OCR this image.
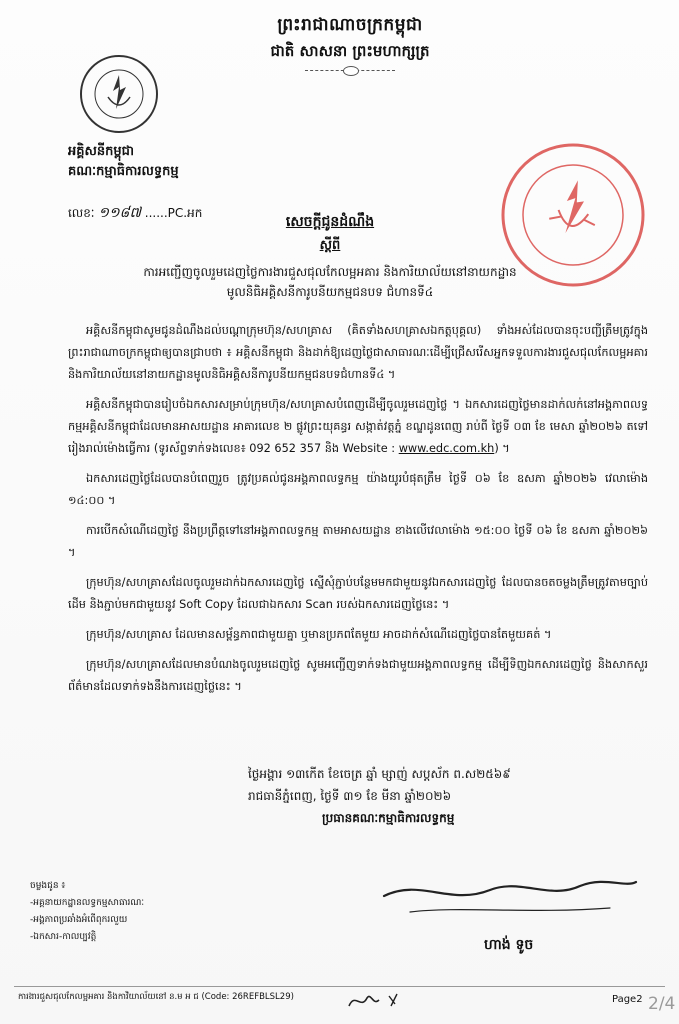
ព្រះរាជាណាចក្រកម្ពុជា
ជាតិ សាសនា ព្រះមហាក្សត្រ
អគ្គិសនីកម្ពុជា
គណៈកម្មាធិការលទ្ធកម្ម
លេខៈ ១១៨៧ ......PC.អក
សេចក្តីជូនដំណឹង
ស្តីពី
ការអញ្ជើញចូលរួមដេញថ្លៃការងារជួសជុលកែលម្អអគារ និងការិយាល័យនៅនាយកដ្ឋាន
មូលនិធិអគ្គិសនីការូបនីយកម្មជនបទ ជំហានទី៤

អគ្គិសនីកម្ពុជាសូមជូនដំណឹងដល់បណ្តាក្រុមហ៊ុន/សហគ្រាស (គិតទាំងសហគ្រាសឯកត្តបុគ្គល) ទាំងអស់ដែលបានចុះបញ្ជីត្រឹមត្រូវក្នុងព្រះរាជាណាចក្រកម្ពុជាឲ្យបានជ្រាបថា ៖ អគ្គិសនីកម្ពុជា និងដាក់ឱ្យដេញថ្លៃជាសាធារណៈដើម្បីជ្រើសរើសអ្នកទទួលការងារជួសជុលកែលម្អអគារ និងការិយាល័យនៅនាយកដ្ឋានមូលនិធិអគ្គិសនីការូបនីយកម្មជនបទជំហានទី៤ ។

អគ្គិសនីកម្ពុជាបានរៀបចំឯកសារសម្រាប់ក្រុមហ៊ុន/សហគ្រាសបំពេញដើម្បីចូលរួមដេញថ្លៃ ។ ឯកសារដេញថ្លៃមានដាក់លក់នៅអង្គភាពលទ្ធកម្មអគ្គិសនីកម្ពុជាដែលមានអាសយដ្ឋាន អាគារលេខ ២ ផ្លូវព្រះយុគន្ធរ សង្កាត់វត្តភ្នំ ខណ្ឌដូនពេញ រាប់ពី ថ្ងៃទី ០៣ ខែ មេសា ឆ្នាំ២០២៦ តទៅរៀងរាល់ម៉ោងធ្វើការ (ទូរស័ព្ទទាក់ទងលេខ៖ 092 652 357 និង Website : www.edc.com.kh) ។

ឯកសារដេញថ្លៃដែលបានបំពេញរួច ត្រូវប្រគល់ជូនអង្គភាពលទ្ធកម្ម យ៉ាងយូរបំផុតត្រឹម ថ្ងៃទី ០៦ ខែ ឧសភា ឆ្នាំ២០២៦ វេលាម៉ោង ១៤:០០ ។

ការបើកសំណើដេញថ្លៃ នឹងប្រព្រឹត្តទៅនៅអង្គភាពលទ្ធកម្ម តាមអាសយដ្ឋាន ខាងលើវេលាម៉ោង ១៥:០០ ថ្ងៃទី ០៦ ខែ ឧសភា ឆ្នាំ២០២៦ ។

ក្រុមហ៊ុន/សហគ្រាសដែលចូលរួមដាក់ឯកសារដេញថ្លៃ ស្នើសុំភ្ជាប់បន្ថែមមកជាមួយនូវឯកសារដេញថ្លៃ ដែលបានចតចម្លងត្រឹមត្រូវតាមច្បាប់ដើម និងភ្ជាប់មកជាមួយនូវ Soft Copy ដែលជាឯកសារ Scan របស់ឯកសារដេញថ្លៃនេះ ។

ក្រុមហ៊ុន/សហគ្រាស ដែលមានសម្ព័ន្ធភាពជាមួយគ្នា ឬមានប្រភពតែមួយ អាចដាក់សំណើដេញថ្លៃបានតែមួយគត់ ។

ក្រុមហ៊ុន/សហគ្រាសដែលមានបំណងចូលរួមដេញថ្លៃ សូមអញ្ជើញទាក់ទងជាមួយអង្គភាពលទ្ធកម្ម ដើម្បីទិញឯកសារដេញថ្លៃ និងសាកសួរព័ត៌មានដែលទាក់ទងនឹងការដេញថ្លៃនេះ ។

ថ្ងៃអង្គារ ១៣កើត ខែចេត្រ ឆ្នាំ ម្សាញ់ សប្តស័ក ព.ស២៥៦៩
រាជធានីភ្នំពេញ, ថ្ងៃទី ៣១ ខែ មីនា ឆ្នាំ២០២៦
ប្រធានគណៈកម្មាធិការលទ្ធកម្ម
ហាង់ ទូច
ចម្លងជូន ៖
-អគ្គនាយកដ្ឋានលទ្ធកម្មសាធារណៈ
-អង្គភាពប្រឆាំងអំពើពុករលួយ
-ឯកសារ-កាលប្បវត្តិ
ការងារជួសជុលកែលម្អអគារ និងកាវិយាល័យនៅ ន.ម អ ជ (Code: 26REFBLSL29)	Page2 2/4
